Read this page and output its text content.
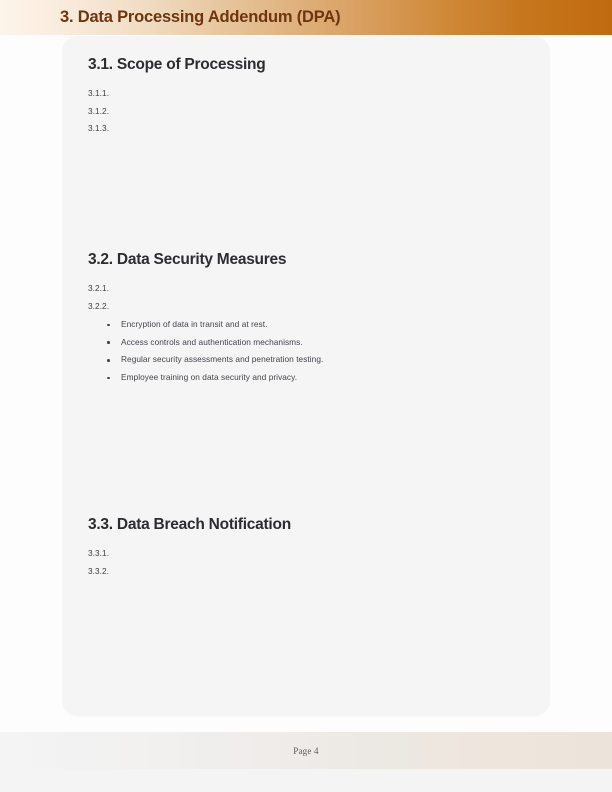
3. Data Processing Addendum (DPA)
3.1. Scope of Processing
3.1.1.
3.1.2.
3.1.3.
3.2. Data Security Measures
3.2.1.
3.2.2.
Encryption of data in transit and at rest.
Access controls and authentication mechanisms.
Regular security assessments and penetration testing.
Employee training on data security and privacy.
3.3. Data Breach Notification
3.3.1.
3.3.2.
Page 4
